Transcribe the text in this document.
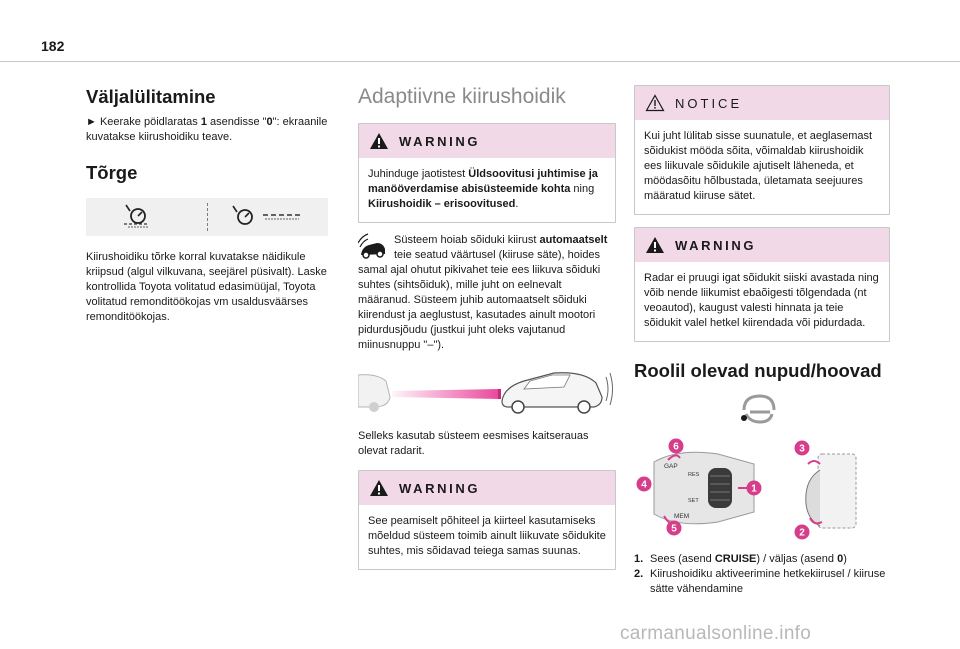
182
Väljalülitamine

► Keerake pöidlaratas 1 asendisse "0": ekraanile kuvatakse kiirushoidiku teave.

Tõrge

Kiirushoidiku tõrke korral kuvatakse näidikule kriipsud (algul vilkuvana, seejärel püsivalt). Laske kontrollida Toyota volitatud edasimüüjal, Toyota volitatud remonditöökojas vm usaldusväärses remonditöökojas.

Adaptiivne kiirushoidik
WARNING
Juhinduge jaotistest Üldsoovitusi juhtimise ja manööverdamise abisüsteemide kohta ning Kiirushoidik – erisoovitused.
Süsteem hoiab sõiduki kiirust automaatselt teie seatud väärtusel (kiiruse säte), hoides samal ajal ohutut pikivahet teie ees liikuva sõiduki suhtes (sihtsõiduk), mille juht on eelnevalt määranud. Süsteem juhib automaatselt sõiduki kiirendust ja aeglustust, kasutades ainult mootori pidurdusjõudu (justkui juht oleks vajutanud miinusnuppu "–").

Selleks kasutab süsteem eesmises kaitserauas olevat radarit.

WARNING
See peamiselt põhiteel ja kiirteel kasutamiseks mõeldud süsteem toimib ainult liikuvate sõidukite suhtes, mis sõidavad teiega samas suunas.
NOTICE
Kui juht lülitab sisse suunatule, et aeglasemast sõidukist mööda sõita, võimaldab kiirushoidik ees liikuvale sõidukile ajutiselt läheneda, et möödasõitu hõlbustada, ületamata seejuures määratud kiiruse sätet.
WARNING
Radar ei pruugi igat sõidukit siiski avastada ning võib nende liikumist ebaõigesti tõlgendada (nt veoautod), kaugust valesti hinnata ja teie sõidukit valel hetkel kiirendada või pidurdada.
Roolil olevad nupud/hoovad
GAP
RES
SET
MEM
6
4	1
5
3
2
1. Sees (asend CRUISE) / väljas (asend 0)
2. Kiirushoidiku aktiveerimine hetkekiirusel / kiiruse sätte vähendamine
carmanualsonline.info
